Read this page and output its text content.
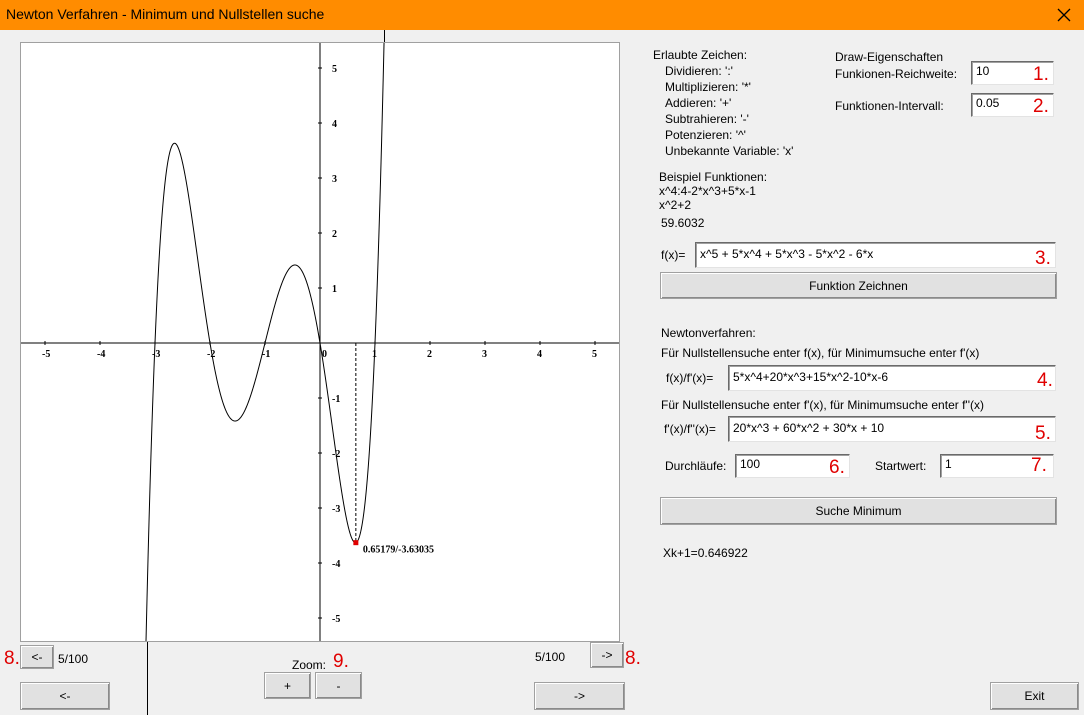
Newton Verfahren - Minimum und Nullstellen suche
-5	-4	-3	-2	-1	0	1	2	3	4	5
5
4
3
2
1
-1
-2
-3
-4
-5
0.65179/-3.63035
Erlaubte Zeichen:
Dividieren: ':'
Multiplizieren: '*'
Addieren: '+'
Subtrahieren: '-'
Potenzieren: '^'
Unbekannte Variable: 'x'
Draw-Eigenschaften
Funkionen-Reichweite:	10	1.
Funktionen-Intervall:	0.05	2.
Beispiel Funktionen:
x^4:4-2*x^3+5*x-1
x^2+2
59.6032
f(x)=	x^5 + 5*x^4 + 5*x^3 - 5*x^2 - 6*x	3.
Funktion Zeichnen
Newtonverfahren:
Für Nullstellensuche enter f(x), für Minimumsuche enter f'(x)
f(x)/f'(x)=	5*x^4+20*x^3+15*x^2-10*x-6	4.
Für Nullstellensuche enter f'(x), für Minimumsuche enter f''(x)
f'(x)/f''(x)=	20*x^3 + 60*x^2 + 30*x + 10	5.
Durchläufe:	100	6.	Startwert:	1	7.
Suche Minimum
Xk+1=0.646922
8. <-	5/100	5/100	-> 8.
Zoom: 9.
+	-
<-	->	Exit
